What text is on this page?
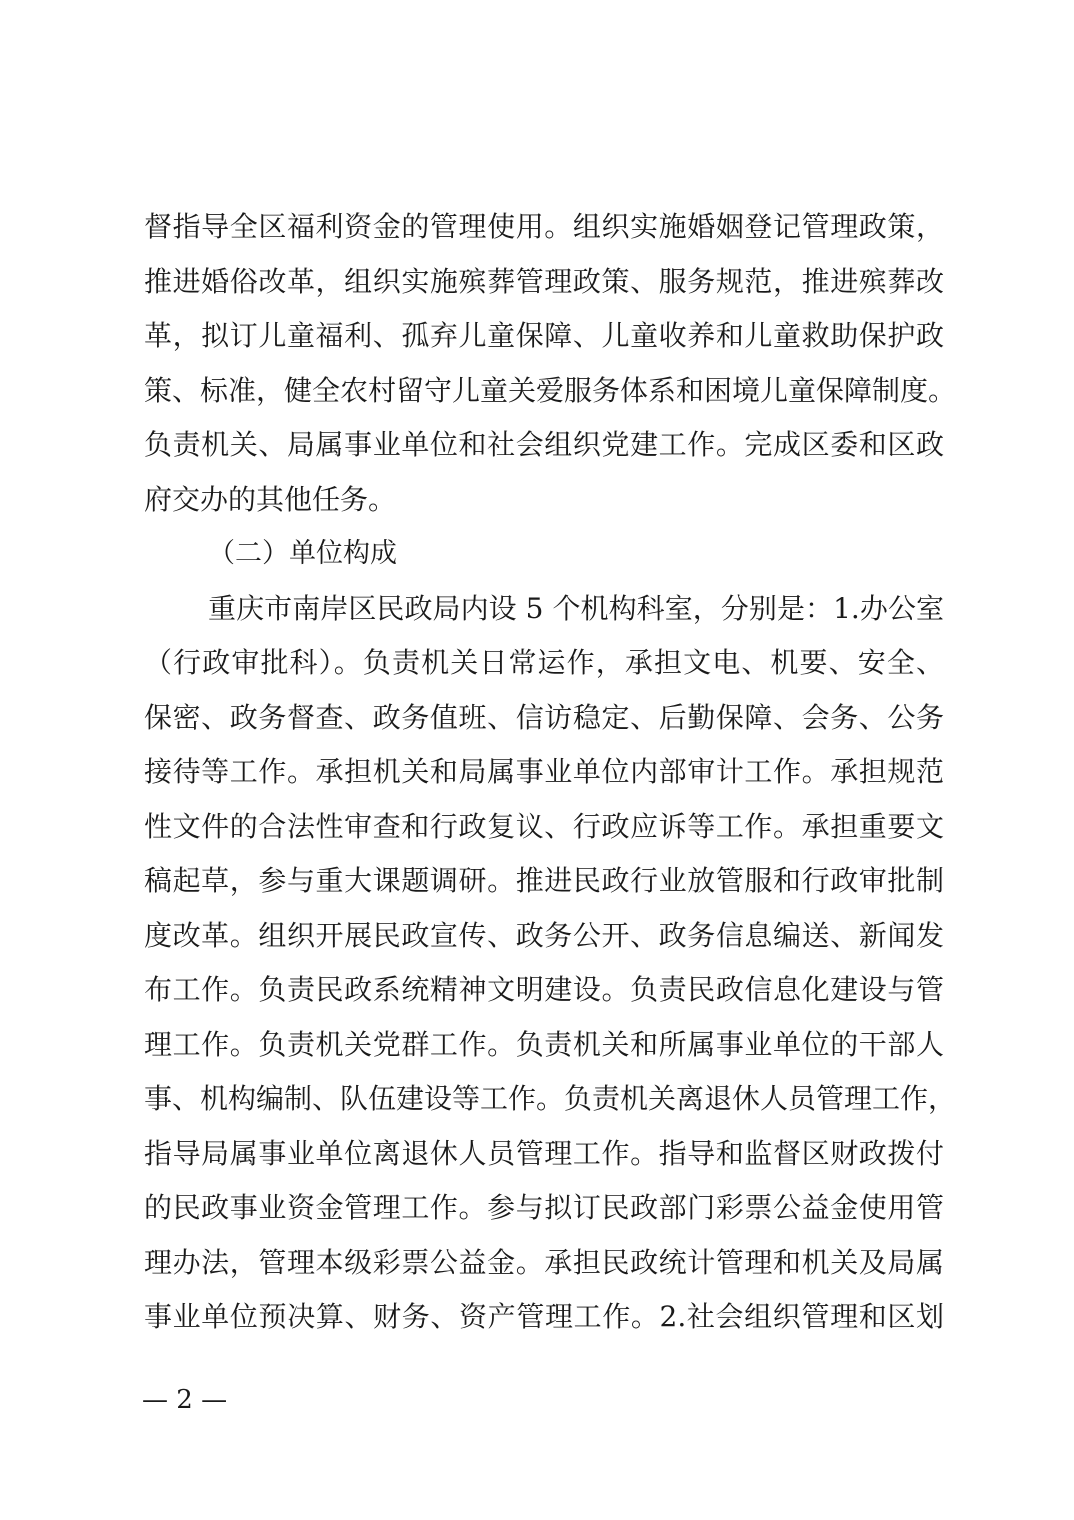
督指导全区福利资金的管理使用。组织实施婚姻登记管理政策，
推进婚俗改革，组织实施殡葬管理政策、服务规范，推进殡葬改
革，拟订儿童福利、孤弃儿童保障、儿童收养和儿童救助保护政
策、标准，健全农村留守儿童关爱服务体系和困境儿童保障制度。
负责机关、局属事业单位和社会组织党建工作。完成区委和区政
府交办的其他任务。
（二）单位构成
重庆市南岸区民政局内设 5 个机构科室，分别是：1.办公室
（行政审批科）。负责机关日常运作，承担文电、机要、安全、
保密、政务督查、政务值班、信访稳定、后勤保障、会务、公务
接待等工作。承担机关和局属事业单位内部审计工作。承担规范
性文件的合法性审查和行政复议、行政应诉等工作。承担重要文
稿起草，参与重大课题调研。推进民政行业放管服和行政审批制
度改革。组织开展民政宣传、政务公开、政务信息编送、新闻发
布工作。负责民政系统精神文明建设。负责民政信息化建设与管
理工作。负责机关党群工作。负责机关和所属事业单位的干部人
事、机构编制、队伍建设等工作。负责机关离退休人员管理工作，
指导局属事业单位离退休人员管理工作。指导和监督区财政拨付
的民政事业资金管理工作。参与拟订民政部门彩票公益金使用管
理办法，管理本级彩票公益金。承担民政统计管理和机关及局属
事业单位预决算、财务、资产管理工作。2.社会组织管理和区划
— 2 —
